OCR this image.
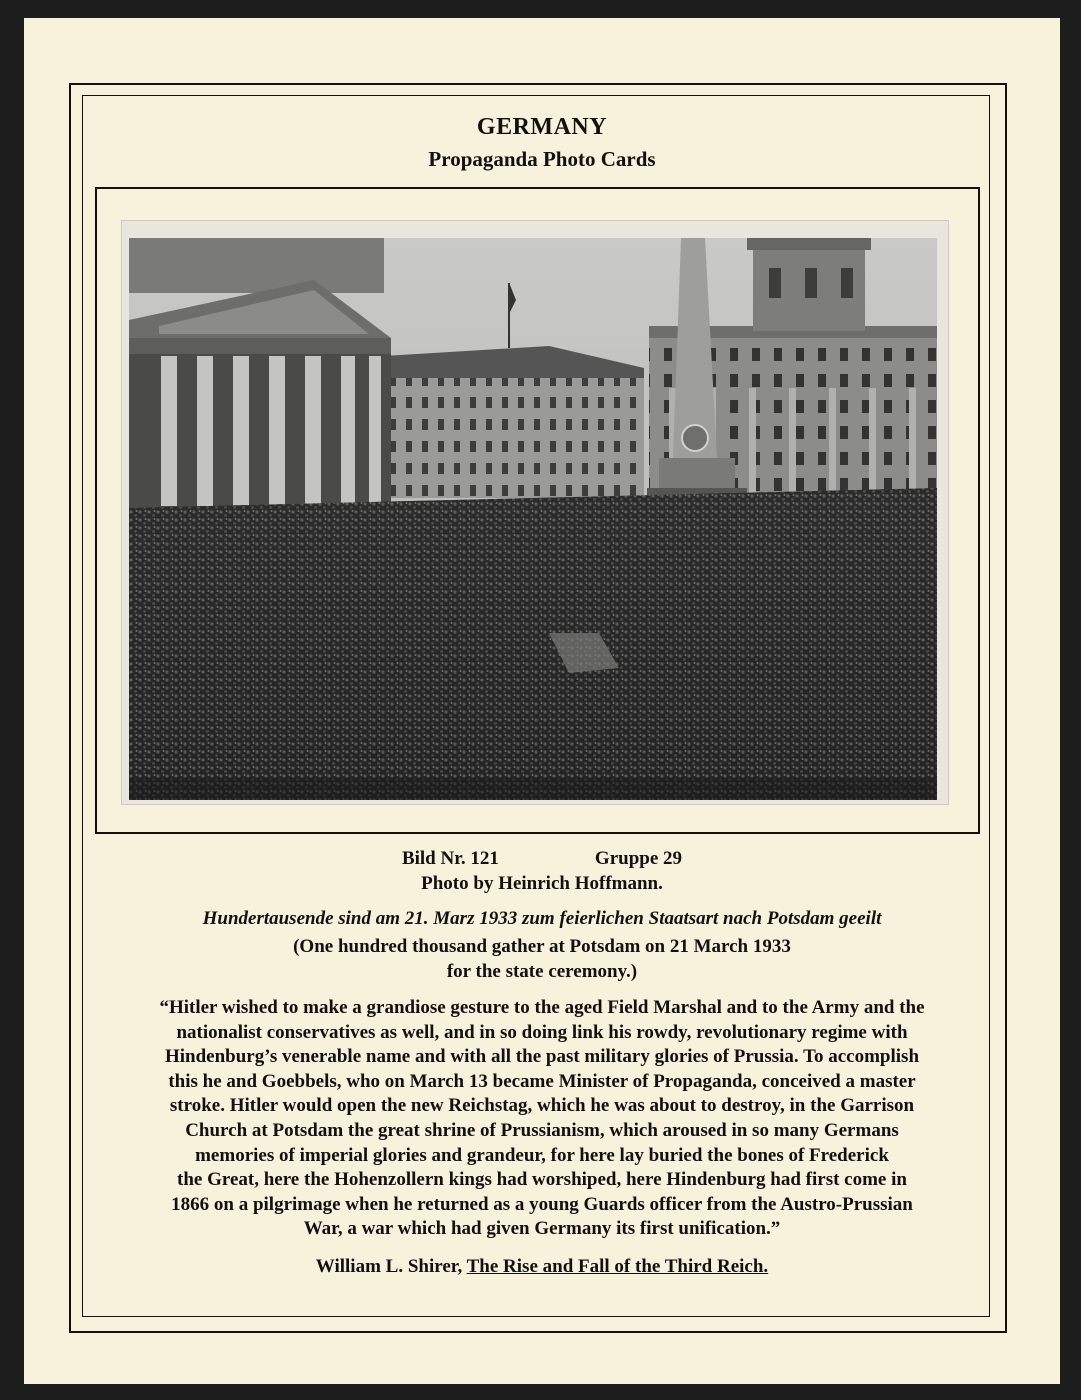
GERMANY
Propaganda Photo Cards
Bild Nr. 121	Gruppe 29
Photo by Heinrich Hoffmann.
Hundertausende sind am 21. Marz 1933 zum feierlichen Staatsart nach Potsdam geeilt
(One hundred thousand gather at Potsdam on 21 March 1933
for the state ceremony.)
“Hitler wished to make a grandiose gesture to the aged Field Marshal and to the Army and the
nationalist conservatives as well, and in so doing link his rowdy, revolutionary regime with
Hindenburg’s venerable name and with all the past military glories of Prussia. To accomplish
this he and Goebbels, who on March 13 became Minister of Propaganda, conceived a master
stroke. Hitler would open the new Reichstag, which he was about to destroy, in the Garrison
Church at Potsdam the great shrine of Prussianism, which aroused in so many Germans
memories of imperial glories and grandeur, for here lay buried the bones of Frederick
the Great, here the Hohenzollern kings had worshiped, here Hindenburg had first come in
1866 on a pilgrimage when he returned as a young Guards officer from the Austro-Prussian
War, a war which had given Germany its first unification.”
William L. Shirer, The Rise and Fall of the Third Reich.
